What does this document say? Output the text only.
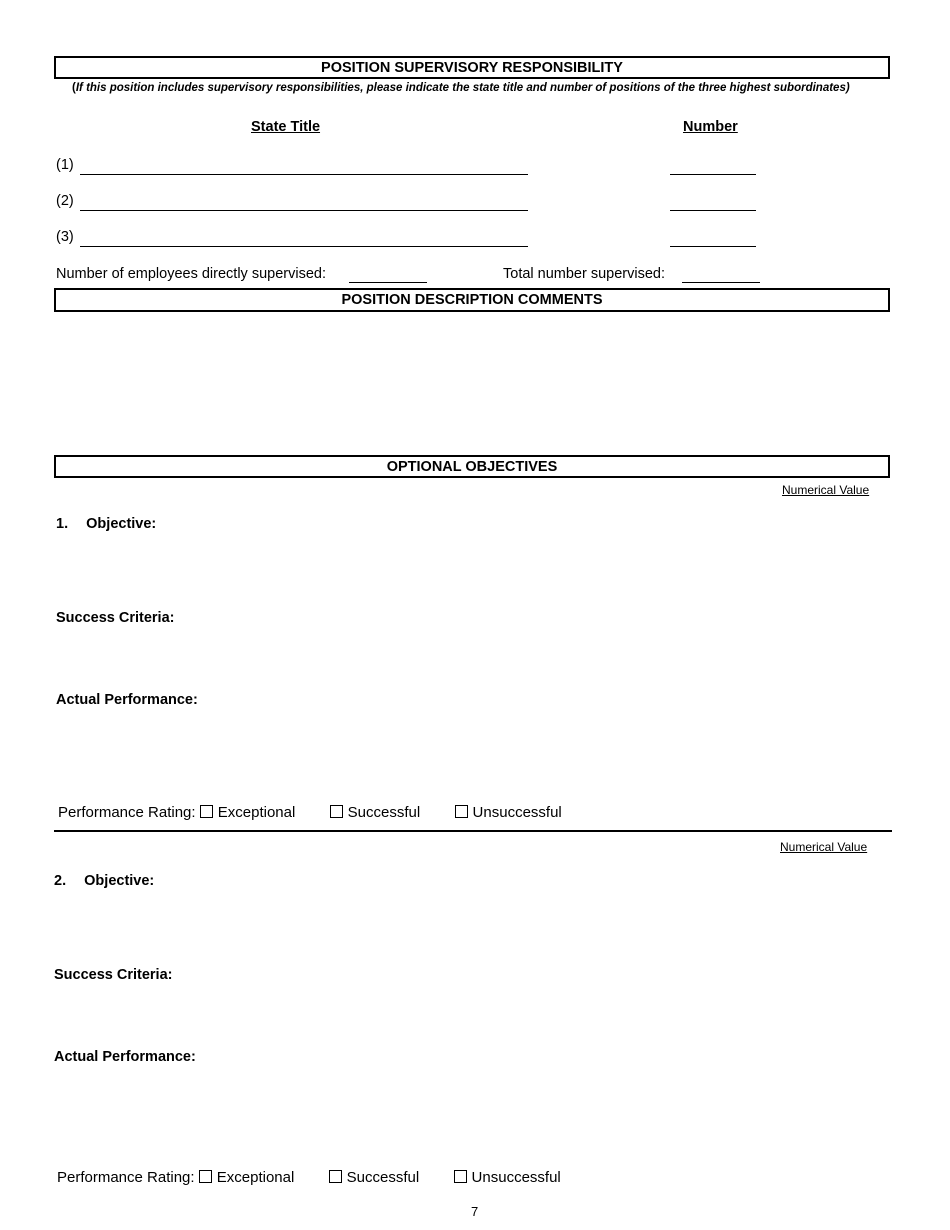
POSITION SUPERVISORY RESPONSIBILITY
(If this position includes supervisory responsibilities, please indicate the state title and number of positions of the three highest subordinates)
State Title	Number
(1)
(2)
(3)
Number of employees directly supervised:	Total number supervised:
POSITION DESCRIPTION COMMENTS
OPTIONAL OBJECTIVES
Numerical Value
1. Objective:
Success Criteria:
Actual Performance:
Performance Rating: Exceptional	Successful	Unsuccessful
Numerical Value
2. Objective:
Success Criteria:
Actual Performance:
Performance Rating: Exceptional	Successful	Unsuccessful
7
